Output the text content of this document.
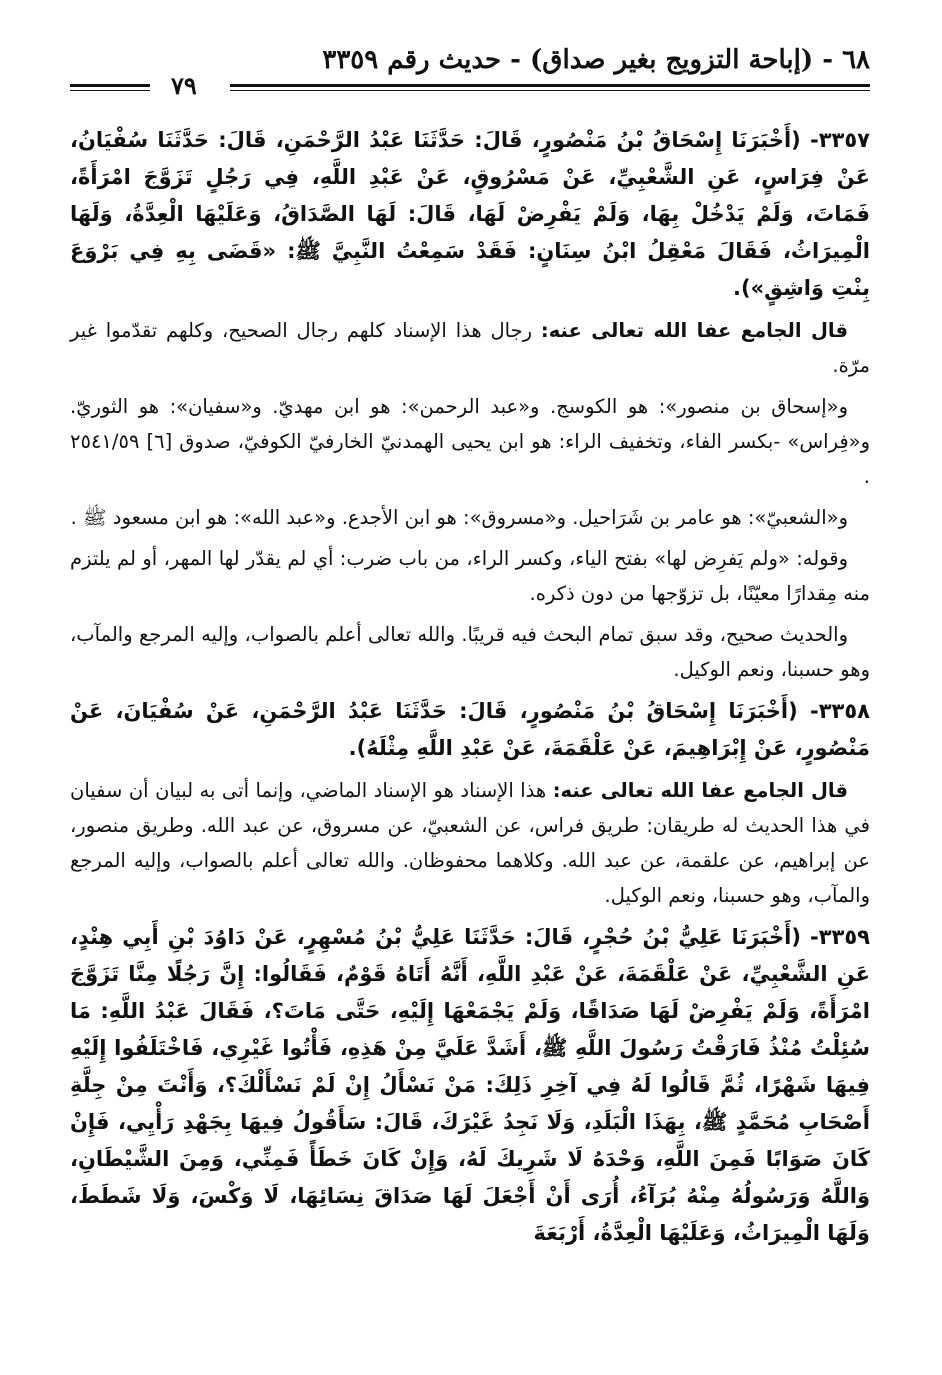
٦٨ - (إباحة التزويج بغير صداق) - حديث رقم ٣٣٥٩
٧٩

٣٣٥٧- (أَخْبَرَنَا إِسْحَاقُ بْنُ مَنْصُورٍ، قَالَ: حَدَّثَنَا عَبْدُ الرَّحْمَنِ، قَالَ: حَدَّثَنَا سُفْيَانُ، عَنْ فِرَاسٍ، عَنِ الشَّعْبِيِّ، عَنْ مَسْرُوقٍ، عَنْ عَبْدِ اللَّهِ، فِي رَجُلٍ تَزَوَّجَ امْرَأَةً، فَمَاتَ، وَلَمْ يَدْخُلْ بِهَا، وَلَمْ يَفْرِضْ لَهَا، قَالَ: لَهَا الصَّدَاقُ، وَعَلَيْهَا الْعِدَّةُ، وَلَهَا الْمِيرَاثُ، فَقَالَ مَعْقِلُ ابْنُ سِنَانٍ: فَقَدْ سَمِعْتُ النَّبِيَّ ﷺ: «قَضَى بِهِ فِي بَرْوَعَ بِنْتِ وَاشِقٍ»).

قال الجامع عفا الله تعالى عنه: رجال هذا الإسناد كلهم رجال الصحيح، وكلهم تقدّموا غير مرّة.

و«إسحاق بن منصور»: هو الكوسج. و«عبد الرحمن»: هو ابن مهديّ. و«سفيان»: هو الثوريّ. و«فِراس» -بكسر الفاء، وتخفيف الراء: هو ابن يحيى الهمدنيّ الخارفيّ الكوفيّ، صدوق [٦] ٢٥٤١/٥٩ .

و«الشعبيّ»: هو عامر بن شَرَاحيل. و«مسروق»: هو ابن الأجدع. و«عبد الله»: هو ابن مسعود ﷺ .

وقوله: «ولم يَفرِض لها» بفتح الياء، وكسر الراء، من باب ضرب: أي لم يقدّر لها المهر، أو لم يلتزم منه مِقدارًا معيّنًا، بل تزوّجها من دون ذكره.

والحديث صحيح، وقد سبق تمام البحث فيه قريبًا. والله تعالى أعلم بالصواب، وإليه المرجع والمآب، وهو حسبنا، ونعم الوكيل.

٣٣٥٨- (أَخْبَرَنَا إِسْحَاقُ بْنُ مَنْصُورٍ، قَالَ: حَدَّثَنَا عَبْدُ الرَّحْمَنِ، عَنْ سُفْيَانَ، عَنْ مَنْصُورٍ، عَنْ إِبْرَاهِيمَ، عَنْ عَلْقَمَةَ، عَنْ عَبْدِ اللَّهِ مِثْلَهُ).

قال الجامع عفا الله تعالى عنه: هذا الإسناد هو الإسناد الماضي، وإنما أتى به لبيان أن سفيان في هذا الحديث له طريقان: طريق فراس، عن الشعبيّ، عن مسروق، عن عبد الله. وطريق منصور، عن إبراهيم، عن علقمة، عن عبد الله. وكلاهما محفوظان. والله تعالى أعلم بالصواب، وإليه المرجع والمآب، وهو حسبنا، ونعم الوكيل.

٣٣٥٩- (أَخْبَرَنَا عَلِيُّ بْنُ حُجْرٍ، قَالَ: حَدَّثَنَا عَلِيُّ بْنُ مُسْهِرٍ، عَنْ دَاوُدَ بْنِ أَبِي هِنْدٍ، عَنِ الشَّعْبِيِّ، عَنْ عَلْقَمَةَ، عَنْ عَبْدِ اللَّهِ، أَنَّهُ أَتَاهُ قَوْمٌ، فَقَالُوا: إِنَّ رَجُلًا مِنَّا تَزَوَّجَ امْرَأَةً، وَلَمْ يَفْرِضْ لَهَا صَدَاقًا، وَلَمْ يَجْمَعْهَا إِلَيْهِ، حَتَّى مَاتَ؟، فَقَالَ عَبْدُ اللَّهِ: مَا سُئِلْتُ مُنْذُ فَارَقْتُ رَسُولَ اللَّهِ ﷺ، أَشَدَّ عَلَيَّ مِنْ هَذِهِ، فَأْتُوا غَيْرِي، فَاخْتَلَفُوا إِلَيْهِ فِيهَا شَهْرًا، ثُمَّ قَالُوا لَهُ فِي آخِرِ ذَلِكَ: مَنْ نَسْأَلُ إِنْ لَمْ نَسْأَلْكَ؟، وَأَنْتَ مِنْ جِلَّةِ أَصْحَابِ مُحَمَّدٍ ﷺ، بِهَذَا الْبَلَدِ، وَلَا نَجِدُ غَيْرَكَ، قَالَ: سَأَقُولُ فِيهَا بِجَهْدِ رَأْيِي، فَإِنْ كَانَ صَوَابًا فَمِنَ اللَّهِ، وَحْدَهُ لَا شَرِيكَ لَهُ، وَإِنْ كَانَ خَطَأً فَمِنِّي، وَمِنَ الشَّيْطَانِ، وَاللَّهُ وَرَسُولُهُ مِنْهُ بُرَآءُ، أُرَى أَنْ أَجْعَلَ لَهَا صَدَاقَ نِسَائِهَا، لَا وَكْسَ، وَلَا شَطَطَ، وَلَهَا الْمِيرَاثُ، وَعَلَيْهَا الْعِدَّةُ، أَرْبَعَةَ
